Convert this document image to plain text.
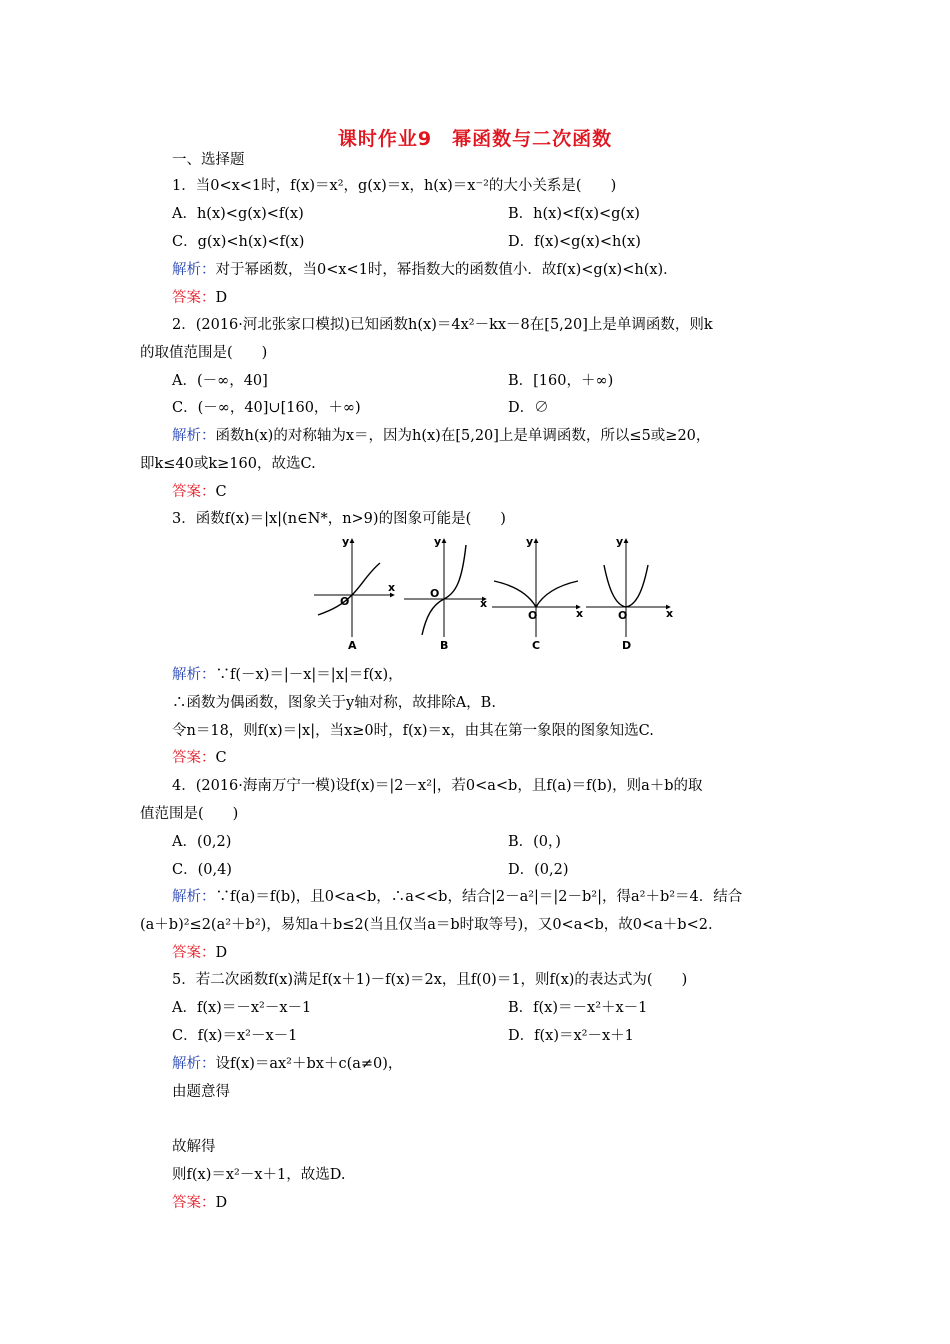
课时作业9　幂函数与二次函数
一、选择题
1．当0<x<1时，f(x)＝x²，g(x)＝x，h(x)＝x⁻²的大小关系是(　　)
A．h(x)<g(x)<f(x)	B．h(x)<f(x)<g(x)
C．g(x)<h(x)<f(x)	D．f(x)<g(x)<h(x)
解析：对于幂函数，当0<x<1时，幂指数大的函数值小．故f(x)<g(x)<h(x)．
答案：D
2．(2016·河北张家口模拟)已知函数h(x)＝4x²－kx－8在[5,20]上是单调函数，则k
的取值范围是(　　)
A．(－∞，40]	B．[160，＋∞)
C．(－∞，40]∪[160，＋∞)	D．∅
解析：函数h(x)的对称轴为x＝，因为h(x)在[5,20]上是单调函数，所以≤5或≥20，
即k≤40或k≥160，故选C.
答案：C
3．函数f(x)＝|x|(n∈N*，n>9)的图象可能是(　　)
y
x
O
A
y
x
O
B
y
x
O
C
y
x
O
D
解析：∵f(－x)＝|－x|＝|x|＝f(x)，
∴函数为偶函数，图象关于y轴对称，故排除A，B.
令n＝18，则f(x)＝|x|，当x≥0时，f(x)＝x，由其在第一象限的图象知选C.
答案：C
4．(2016·海南万宁一模)设f(x)＝|2－x²|，若0<a<b，且f(a)＝f(b)，则a＋b的取
值范围是(　　)
A．(0,2)	B．(0，)
C．(0,4)	D．(0,2)
解析：∵f(a)＝f(b)，且0<a<b，∴a<<b，结合|2－a²|＝|2－b²|，得a²＋b²＝4．结合
(a＋b)²≤2(a²＋b²)，易知a＋b≤2(当且仅当a＝b时取等号)，又0<a<b，故0<a＋b<2.
答案：D
5．若二次函数f(x)满足f(x＋1)－f(x)＝2x，且f(0)＝1，则f(x)的表达式为(　　)
A．f(x)＝－x²－x－1	B．f(x)＝－x²＋x－1
C．f(x)＝x²－x－1	D．f(x)＝x²－x＋1
解析：设f(x)＝ax²＋bx＋c(a≠0)，
由题意得
故解得
则f(x)＝x²－x＋1，故选D.
答案：D
